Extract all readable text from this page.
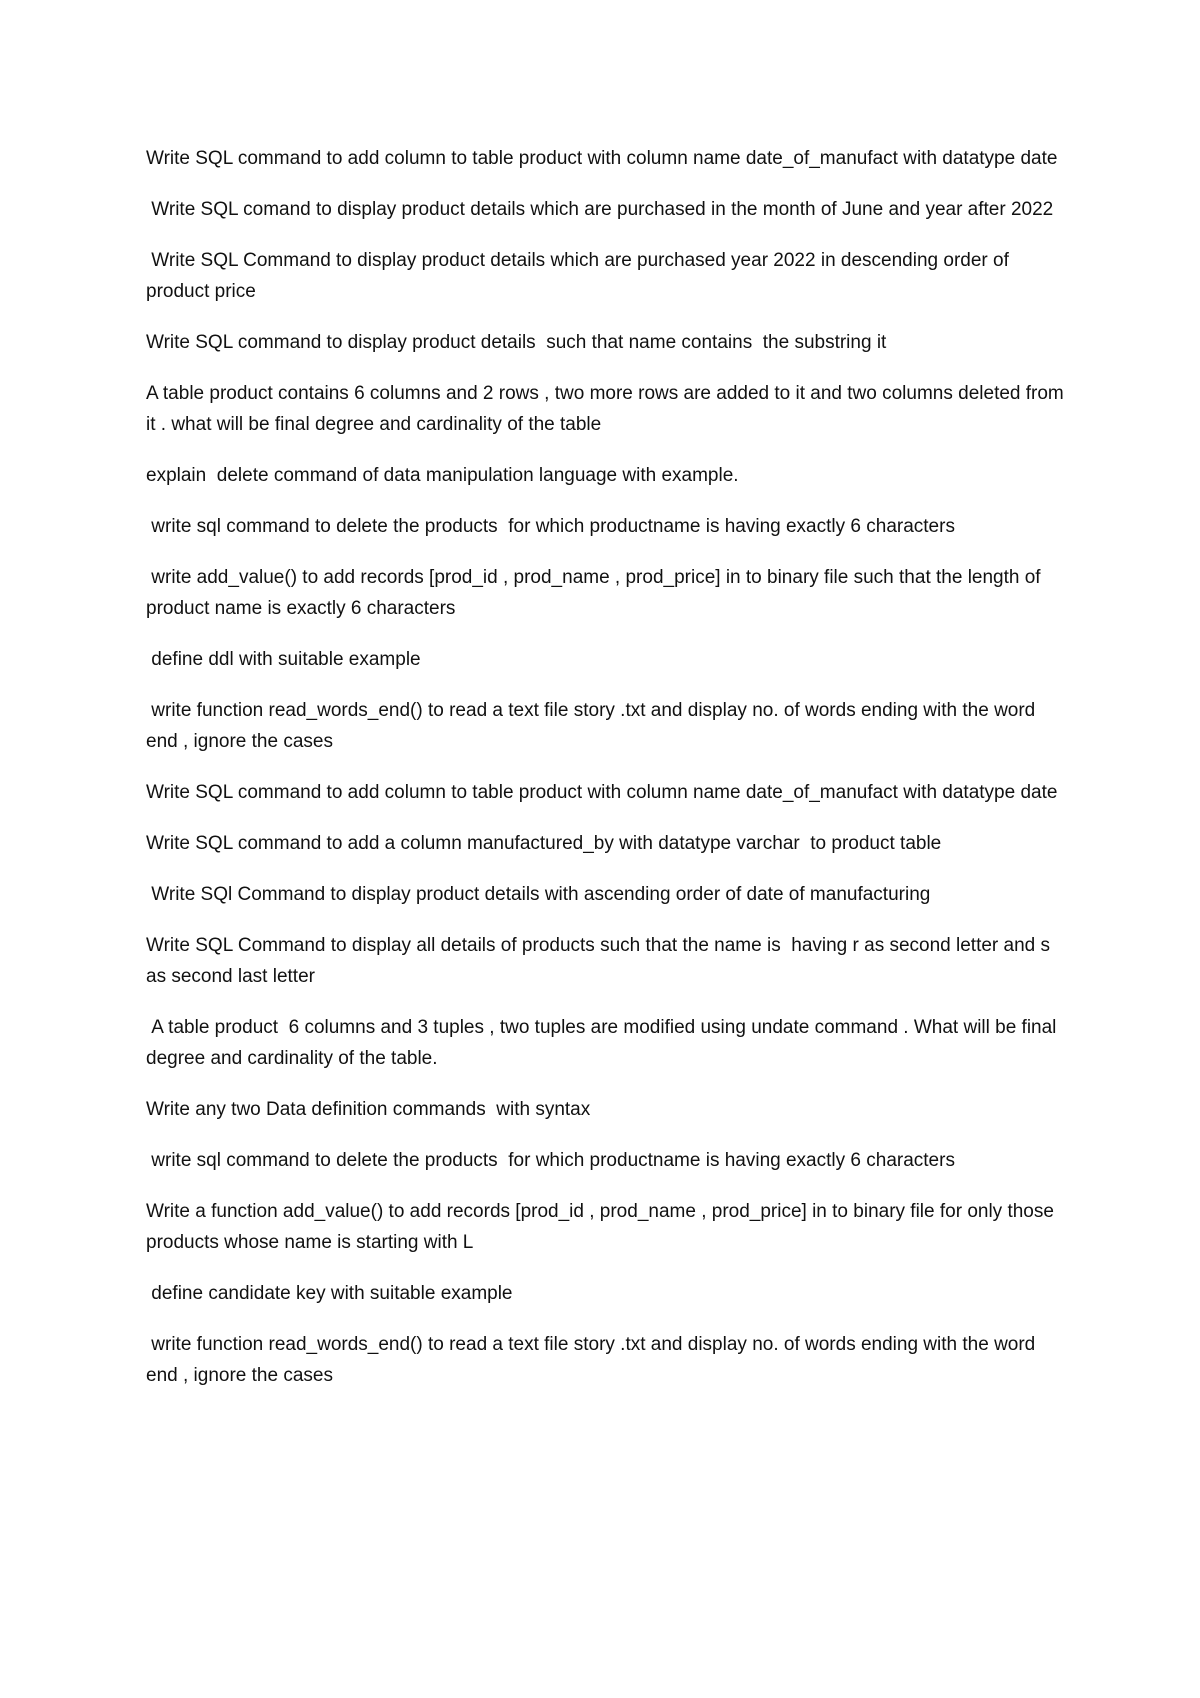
Write SQL command to add column to table product with column name date_of_manufact with datatype date

Write SQL comand to display product details which are purchased in the month of June and year after 2022

Write SQL Command to display product details which are purchased year 2022 in descending order of product price

Write SQL command to display product details  such that name contains  the substring it

A table product contains 6 columns and 2 rows , two more rows are added to it and two columns deleted from it . what will be final degree and cardinality of the table

explain  delete command of data manipulation language with example.

write sql command to delete the products  for which productname is having exactly 6 characters

write add_value() to add records [prod_id , prod_name , prod_price] in to binary file such that the length of product name is exactly 6 characters

define ddl with suitable example

write function read_words_end() to read a text file story .txt and display no. of words ending with the word end , ignore the cases

Write SQL command to add column to table product with column name date_of_manufact with datatype date

Write SQL command to add a column manufactured_by with datatype varchar  to product table

Write SQl Command to display product details with ascending order of date of manufacturing

Write SQL Command to display all details of products such that the name is  having r as second letter and s as second last letter

A table product  6 columns and 3 tuples , two tuples are modified using undate command . What will be final degree and cardinality of the table.

Write any two Data definition commands  with syntax

write sql command to delete the products  for which productname is having exactly 6 characters

Write a function add_value() to add records [prod_id , prod_name , prod_price] in to binary file for only those products whose name is starting with L

define candidate key with suitable example

write function read_words_end() to read a text file story .txt and display no. of words ending with the word end , ignore the cases
